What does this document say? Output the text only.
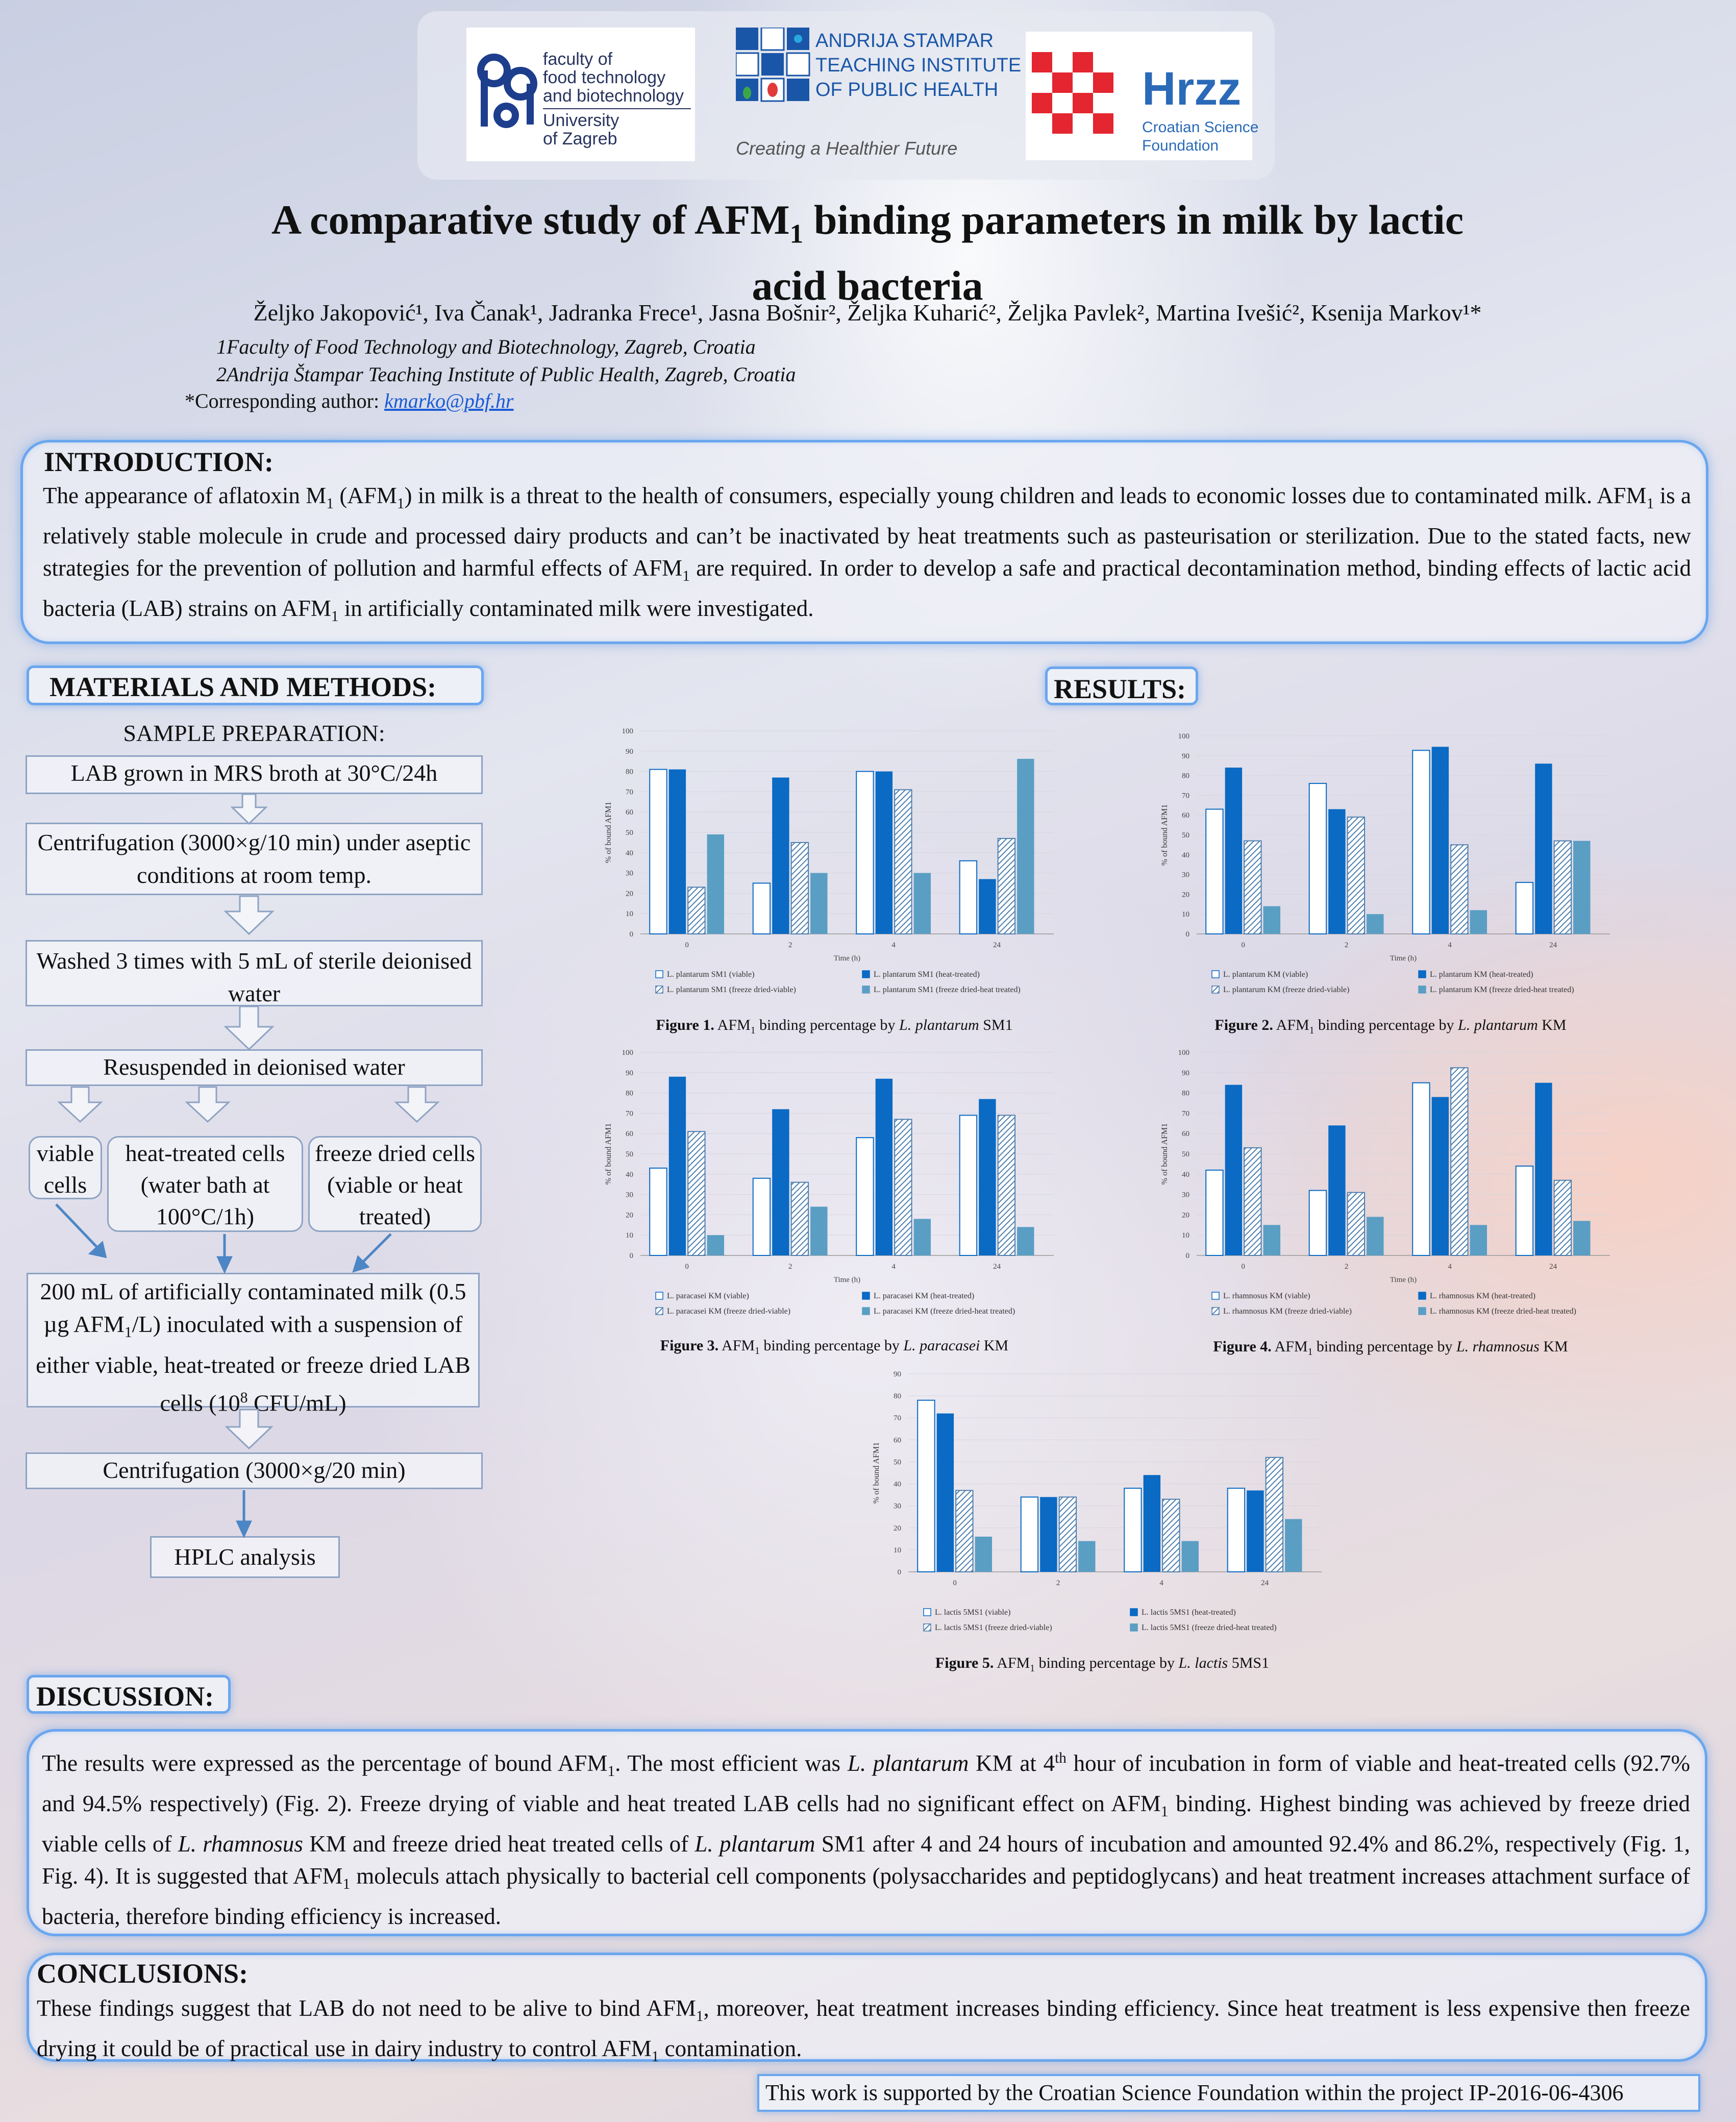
faculty of
food technology
and biotechnology
University
of Zagreb
ANDRIJA STAMPAR
TEACHING INSTITUTE
OF PUBLIC HEALTH
Creating a Healthier Future
Hrzz
Croatian Science
Foundation
A comparative study of $AFM_1$ binding parameters in milk by lactic
acid bacteria
Željko Jakopović¹, Iva Čanak¹, Jadranka Frece¹, Jasna Bošnir², Željka Kuharić², Željka Pavlek², Martina Ivešić², Ksenija Markov¹*
1Faculty of Food Technology and Biotechnology, Zagreb, Croatia
2Andrija Štampar Teaching Institute of Public Health, Zagreb, Croatia
*Corresponding author: kmarko@pbf.hr
INTRODUCTION:
The appearance of aflatoxin $M_1$ $(AFM_1)$ in milk is a threat to the health of consumers, especially young children and leads to economic losses due to contaminated milk. $AFM_1$ is a relatively stable molecule in crude and processed dairy products and can’t be inactivated by heat treatments such as pasteurisation or sterilization. Due to the stated facts, new strategies for the prevention of pollution and harmful effects of $AFM_1$ are required. In order to develop a safe and practical decontamination method, binding effects of lactic acid bacteria (LAB) strains on $AFM_1$ in artificially contaminated milk were investigated.
MATERIALS AND METHODS:
SAMPLE PREPARATION:
LAB grown in MRS broth at 30°C/24h
Centrifugation (3000×g/10 min) under aseptic conditions at room temp.
Washed 3 times with 5 mL of sterile deionised water
Resuspended in deionised water
viable cells
heat-treated cells (water bath at 100°C/1h)
freeze dried cells (viable or heat treated)
200 mL of artificially contaminated milk (0.5 µg $AFM_1/L$) inoculated with a suspension of either viable, heat-treated or freeze dried LAB cells ($10^8$ CFU/mL)
Centrifugation (3000×g/20 min)
HPLC analysis
RESULTS:
0
10
20
30
40
50
60
70
80
90
100
% of bound AFM1
0	2	4	24
Time (h)
L. plantarum SM1 (viable)	L. plantarum SM1 (heat-treated)
L. plantarum SM1 (freeze dried-viable)	L. plantarum SM1 (freeze dried-heat treated)
Figure 1. $AFM_1$ binding percentage by L. plantarum SM1
0
10
20
30
40
50
60
70
80
90
100
% of bound AFM1
0	2	4	24
Time (h)
L. plantarum KM (viable)	L. plantarum KM (heat-treated)
L. plantarum KM (freeze dried-viable)	L. plantarum KM (freeze dried-heat treated)
Figure 2. $AFM_1$ binding percentage by L. plantarum KM
0
10
20
30
40
50
60
70
80
90
100
% of bound AFM1
0	2	4	24
Time (h)
L. paracasei KM (viable)	L. paracasei KM (heat-treated)
L. paracasei KM (freeze dried-viable)	L. paracasei KM (freeze dried-heat treated)
Figure 3. $AFM_1$ binding percentage by L. paracasei KM
0
10
20
30
40
50
60
70
80
90
100
% of bound AFM1
0	2	4	24
Time (h)
L. rhamnosus KM (viable)	L. rhamnosus KM (heat-treated)
L. rhamnosus KM (freeze dried-viable)	L. rhamnosus KM (freeze dried-heat treated)
Figure 4. $AFM_1$ binding percentage by L. rhamnosus KM
0
10
20
30
40
50
60
70
80
90
% of bound AFM1
0	2	4	24
L. lactis 5MS1 (viable)	L. lactis 5MS1 (heat-treated)
L. lactis 5MS1 (freeze dried-viable)	L. lactis 5MS1 (freeze dried-heat treated)
Figure 5. $AFM_1$ binding percentage by L. lactis 5MS1
DISCUSSION:
The results were expressed as the percentage of bound $AFM_1$. The most efficient was L. plantarum KM at 4th hour of incubation in form of viable and heat-treated cells (92.7% and 94.5% respectively) (Fig. 2). Freeze drying of viable and heat treated LAB cells had no significant effect on $AFM_1$ binding. Highest binding was achieved by freeze dried viable cells of L. rhamnosus KM and freeze dried heat treated cells of L. plantarum SM1 after 4 and 24 hours of incubation and amounted 92.4% and 86.2%, respectively (Fig. 1, Fig. 4). It is suggested that $AFM_1$ moleculs attach physically to bacterial cell components (polysaccharides and peptidoglycans) and heat treatment increases attachment surface of bacteria, therefore binding efficiency is increased.
CONCLUSIONS:
These findings suggest that LAB do not need to be alive to bind $AFM_1$, moreover, heat treatment increases binding efficiency. Since heat treatment is less expensive then freeze drying it could be of practical use in dairy industry to control $AFM_1$ contamination.
This work is supported by the Croatian Science Foundation within the project IP-2016-06-4306
